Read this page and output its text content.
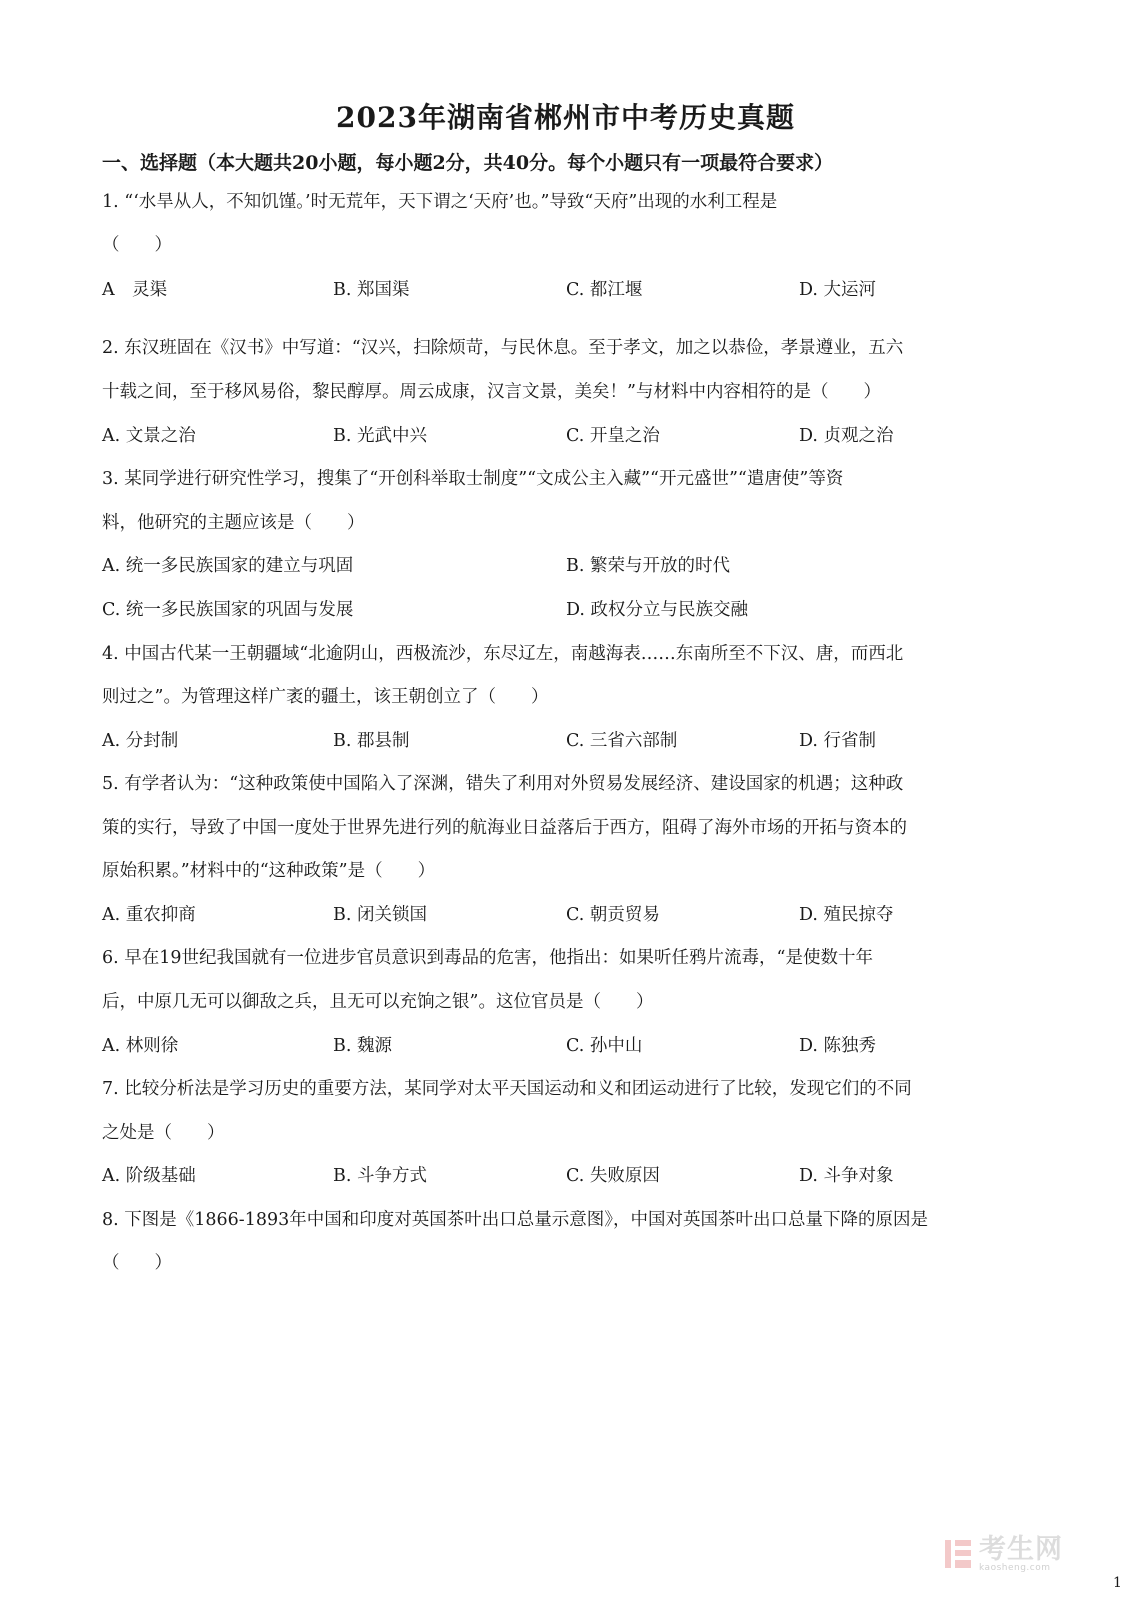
2023年湖南省郴州市中考历史真题
一、选择题（本大题共20小题，每小题2分，共40分。每个小题只有一项最符合要求）
1. “‘水旱从人，不知饥馑。’时无荒年，天下谓之‘天府’也。”导致“天府”出现的水利工程是
（　　）
A　灵渠	B. 郑国渠	C. 都江堰	D. 大运河
2. 东汉班固在《汉书》中写道：“汉兴，扫除烦苛，与民休息。至于孝文，加之以恭俭，孝景遵业，五六
十载之间，至于移风易俗，黎民醇厚。周云成康，汉言文景，美矣！”与材料中内容相符的是（　　）
A. 文景之治	B. 光武中兴	C. 开皇之治	D. 贞观之治
3. 某同学进行研究性学习，搜集了“开创科举取士制度”“文成公主入藏”“开元盛世”“遣唐使”等资
料，他研究的主题应该是（　　）
A. 统一多民族国家的建立与巩固	B. 繁荣与开放的时代
C. 统一多民族国家的巩固与发展	D. 政权分立与民族交融
4. 中国古代某一王朝疆域“北逾阴山，西极流沙，东尽辽左，南越海表……东南所至不下汉、唐，而西北
则过之”。为管理这样广袤的疆土，该王朝创立了（　　）
A. 分封制	B. 郡县制	C. 三省六部制	D. 行省制
5. 有学者认为：“这种政策使中国陷入了深渊，错失了利用对外贸易发展经济、建设国家的机遇；这种政
策的实行，导致了中国一度处于世界先进行列的航海业日益落后于西方，阻碍了海外市场的开拓与资本的
原始积累。”材料中的“这种政策”是（　　）
A. 重农抑商	B. 闭关锁国	C. 朝贡贸易	D. 殖民掠夺
6. 早在19世纪我国就有一位进步官员意识到毒品的危害，他指出：如果听任鸦片流毒，“是使数十年
后，中原几无可以御敌之兵，且无可以充饷之银”。这位官员是（　　）
A. 林则徐	B. 魏源	C. 孙中山	D. 陈独秀
7. 比较分析法是学习历史的重要方法，某同学对太平天国运动和义和团运动进行了比较，发现它们的不同
之处是（　　）
A. 阶级基础	B. 斗争方式	C. 失败原因	D. 斗争对象
8. 下图是《1866-1893年中国和印度对英国茶叶出口总量示意图》，中国对英国茶叶出口总量下降的原因是
（　　）
考生网
kaosheng.com
1
